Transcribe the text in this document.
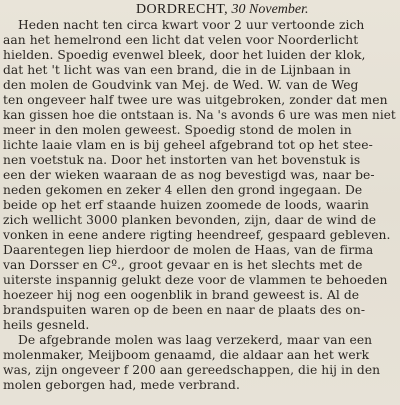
DORDRECHT, 30 November.
Heden nacht ten circa kwart voor 2 uur vertoonde zich
aan het hemelrond een licht dat velen voor Noorderlicht
hielden. Spoedig evenwel bleek, door het luiden der klok,
dat het 't licht was van een brand, die in de Lijnbaan in
den molen de Goudvink van Mej. de Wed. W. van de Weg
ten ongeveer half twee ure was uitgebroken, zonder dat men
kan gissen hoe die ontstaan is. Na 's avonds 6 ure was men niet
meer in den molen geweest. Spoedig stond de molen in
lichte laaie vlam en is bij geheel afgebrand tot op het stee-
nen voetstuk na. Door het instorten van het bovenstuk is
een der wieken waaraan de as nog bevestigd was, naar be-
neden gekomen en zeker 4 ellen den grond ingegaan. De
beide op het erf staande huizen zoomede de loods, waarin
zich wellicht 3000 planken bevonden, zijn, daar de wind de
vonken in eene andere rigting heendreef, gespaard gebleven.
Daarentegen liep hierdoor de molen de Haas, van de firma
van Dorsser en Cº., groot gevaar en is het slechts met de
uiterste inspannig gelukt deze voor de vlammen te behoeden
hoezeer hij nog een oogenblik in brand geweest is. Al de
brandspuiten waren op de been en naar de plaats des on-
heils gesneld.
De afgebrande molen was laag verzekerd, maar van een
molenmaker, Meijboom genaamd, die aldaar aan het werk
was, zijn ongeveer f 200 aan gereedschappen, die hij in den
molen geborgen had, mede verbrand.
